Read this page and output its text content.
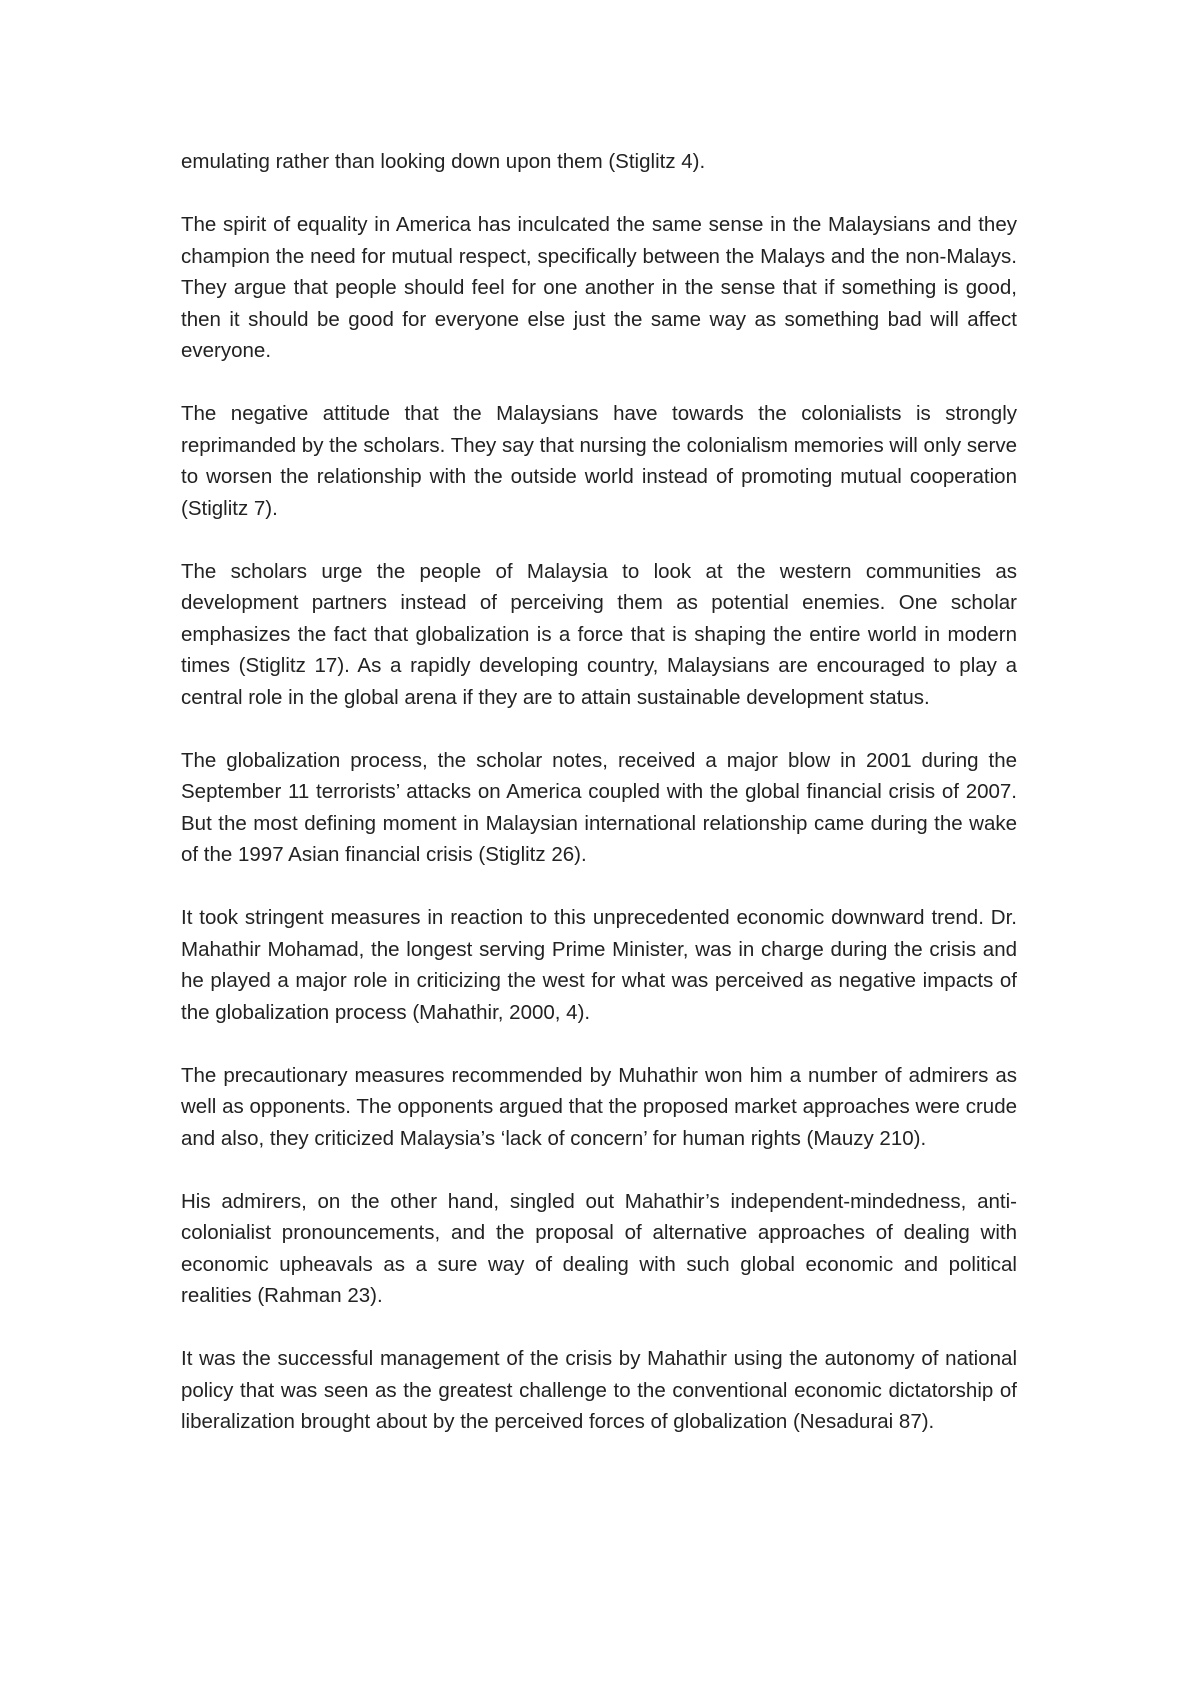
emulating rather than looking down upon them (Stiglitz 4).

The spirit of equality in America has inculcated the same sense in the Malaysians and they champion the need for mutual respect, specifically between the Malays and the non-Malays. They argue that people should feel for one another in the sense that if something is good, then it should be good for everyone else just the same way as something bad will affect everyone.

The negative attitude that the Malaysians have towards the colonialists is strongly reprimanded by the scholars. They say that nursing the colonialism memories will only serve to worsen the relationship with the outside world instead of promoting mutual cooperation (Stiglitz 7).

The scholars urge the people of Malaysia to look at the western communities as development partners instead of perceiving them as potential enemies. One scholar emphasizes the fact that globalization is a force that is shaping the entire world in modern times (Stiglitz 17). As a rapidly developing country, Malaysians are encouraged to play a central role in the global arena if they are to attain sustainable development status.

The globalization process, the scholar notes, received a major blow in 2001 during the September 11 terrorists’ attacks on America coupled with the global financial crisis of 2007. But the most defining moment in Malaysian international relationship came during the wake of the 1997 Asian financial crisis (Stiglitz 26).

It took stringent measures in reaction to this unprecedented economic downward trend. Dr. Mahathir Mohamad, the longest serving Prime Minister, was in charge during the crisis and he played a major role in criticizing the west for what was perceived as negative impacts of the globalization process (Mahathir, 2000, 4).

The precautionary measures recommended by Muhathir won him a number of admirers as well as opponents. The opponents argued that the proposed market approaches were crude and also, they criticized Malaysia’s ‘lack of concern’ for human rights (Mauzy 210).

His admirers, on the other hand, singled out Mahathir’s independent-mindedness, anti-colonialist pronouncements, and the proposal of alternative approaches of dealing with economic upheavals as a sure way of dealing with such global economic and political realities (Rahman 23).

It was the successful management of the crisis by Mahathir using the autonomy of national policy that was seen as the greatest challenge to the conventional economic dictatorship of liberalization brought about by the perceived forces of globalization (Nesadurai 87).
